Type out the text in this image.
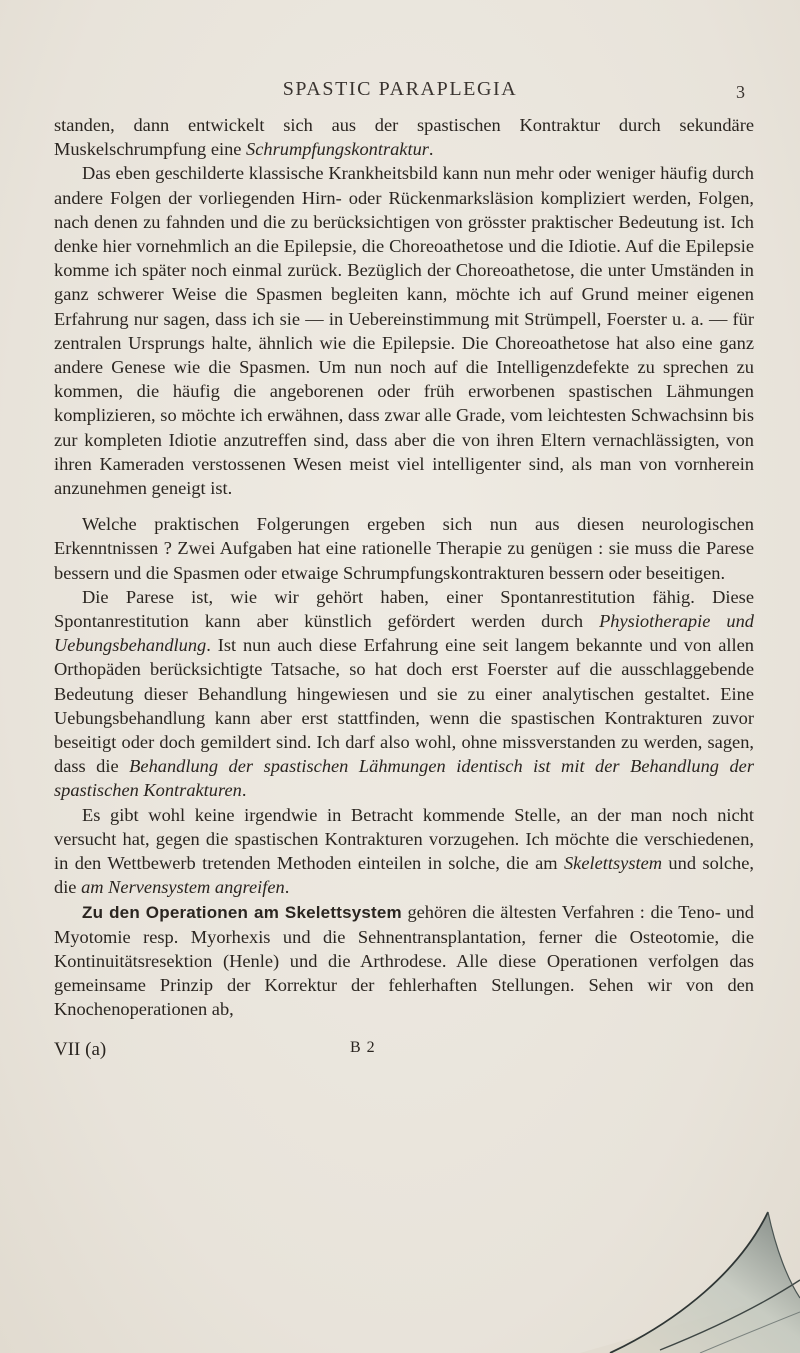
SPASTIC PARAPLEGIA	3

standen, dann entwickelt sich aus der spastischen Kontraktur durch sekundäre Muskelschrumpfung eine Schrumpfungskontraktur.

Das eben geschilderte klassische Krankheitsbild kann nun mehr oder weniger häufig durch andere Folgen der vorliegenden Hirn- oder Rückenmarksläsion kompliziert werden, Folgen, nach denen zu fahnden und die zu berücksichtigen von grösster praktischer Bedeutung ist. Ich denke hier vornehmlich an die Epilepsie, die Choreoathetose und die Idiotie. Auf die Epilepsie komme ich später noch einmal zurück. Bezüglich der Choreoathetose, die unter Umständen in ganz schwerer Weise die Spasmen begleiten kann, möchte ich auf Grund meiner eigenen Erfahrung nur sagen, dass ich sie — in Uebereinstimmung mit Strümpell, Foerster u. a. — für zentralen Ursprungs halte, ähnlich wie die Epilepsie. Die Choreoathetose hat also eine ganz andere Genese wie die Spasmen. Um nun noch auf die Intelligenzdefekte zu sprechen zu kommen, die häufig die angeborenen oder früh erworbenen spastischen Lähmungen komplizieren, so möchte ich erwähnen, dass zwar alle Grade, vom leichtesten Schwachsinn bis zur kompleten Idiotie anzutreffen sind, dass aber die von ihren Eltern vernachlässigten, von ihren Kameraden verstossenen Wesen meist viel intelligenter sind, als man von vornherein anzunehmen geneigt ist.

Welche praktischen Folgerungen ergeben sich nun aus diesen neurologischen Erkenntnissen ? Zwei Aufgaben hat eine rationelle Therapie zu genügen : sie muss die Parese bessern und die Spasmen oder etwaige Schrumpfungskontrakturen bessern oder beseitigen.

Die Parese ist, wie wir gehört haben, einer Spontanrestitution fähig. Diese Spontanrestitution kann aber künstlich gefördert werden durch Physiotherapie und Uebungsbehandlung. Ist nun auch diese Erfahrung eine seit langem bekannte und von allen Orthopäden berücksichtigte Tatsache, so hat doch erst Foerster auf die ausschlaggebende Bedeutung dieser Behandlung hingewiesen und sie zu einer analytischen gestaltet. Eine Uebungsbehandlung kann aber erst stattfinden, wenn die spastischen Kontrakturen zuvor beseitigt oder doch gemildert sind. Ich darf also wohl, ohne missverstanden zu werden, sagen, dass die Behandlung der spastischen Lähmungen identisch ist mit der Behandlung der spastischen Kontrakturen.

Es gibt wohl keine irgendwie in Betracht kommende Stelle, an der man noch nicht versucht hat, gegen die spastischen Kontrakturen vorzugehen. Ich möchte die verschiedenen, in den Wettbewerb tretenden Methoden einteilen in solche, die am Skelettsystem und solche, die am Nervensystem angreifen.

Zu den Operationen am Skelettsystem gehören die ältesten Verfahren : die Teno- und Myotomie resp. Myorhexis und die Sehnentransplantation, ferner die Osteotomie, die Kontinuitätsresektion (Henle) und die Arthrodese. Alle diese Operationen verfolgen das gemeinsame Prinzip der Korrektur der fehlerhaften Stellungen. Sehen wir von den Knochenoperationen ab,

VII (a)	B 2
